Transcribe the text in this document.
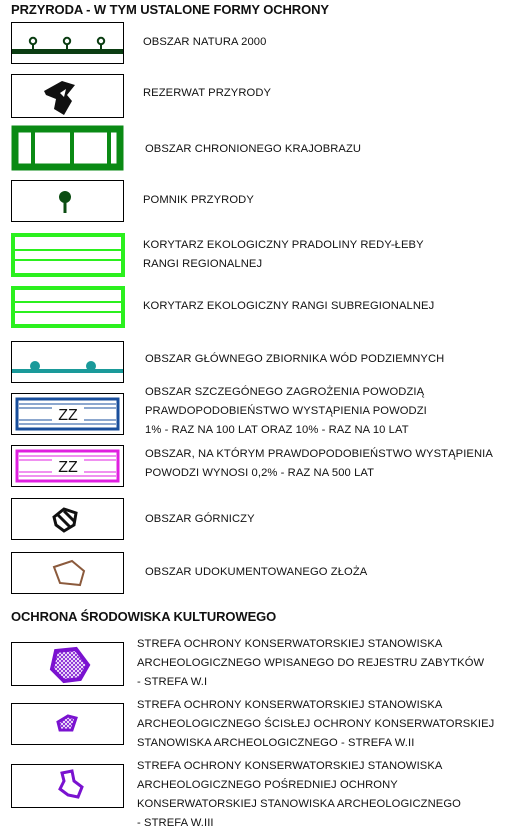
PRZYRODA - W TYM USTALONE FORMY OCHRONY
OBSZAR NATURA 2000
REZERWAT PRZYRODY
OBSZAR CHRONIONEGO KRAJOBRAZU
POMNIK PRZYRODY
KORYTARZ EKOLOGICZNY PRADOLINY REDY-ŁEBY
RANGI REGIONALNEJ
KORYTARZ EKOLOGICZNY RANGI SUBREGIONALNEJ
OBSZAR GŁÓWNEGO ZBIORNIKA WÓD PODZIEMNYCH
ZZ
OBSZAR SZCZEGÓNEGO ZAGROŻENIA POWODZIĄ
PRAWDOPODOBIEŃSTWO WYSTĄPIENIA POWODZI
1% - RAZ NA 100 LAT ORAZ 10% - RAZ NA 10 LAT
ZZ
OBSZAR, NA KTÓRYM PRAWDOPODOBIEŃSTWO WYSTĄPIENIA
POWODZI WYNOSI 0,2% - RAZ NA 500 LAT
OBSZAR GÓRNICZY
OBSZAR UDOKUMENTOWANEGO ZŁOŻA
OCHRONA ŚRODOWISKA KULTUROWEGO
STREFA OCHRONY KONSERWATORSKIEJ STANOWISKA
ARCHEOLOGICZNEGO WPISANEGO DO REJESTRU ZABYTKÓW
- STREFA W.I
STREFA OCHRONY KONSERWATORSKIEJ STANOWISKA
ARCHEOLOGICZNEGO ŚCISŁEJ OCHRONY KONSERWATORSKIEJ
STANOWISKA ARCHEOLOGICZNEGO - STREFA W.II
STREFA OCHRONY KONSERWATORSKIEJ STANOWISKA
ARCHEOLOGICZNEGO POŚREDNIEJ OCHRONY
KONSERWATORSKIEJ STANOWISKA ARCHEOLOGICZNEGO
- STREFA W.III
